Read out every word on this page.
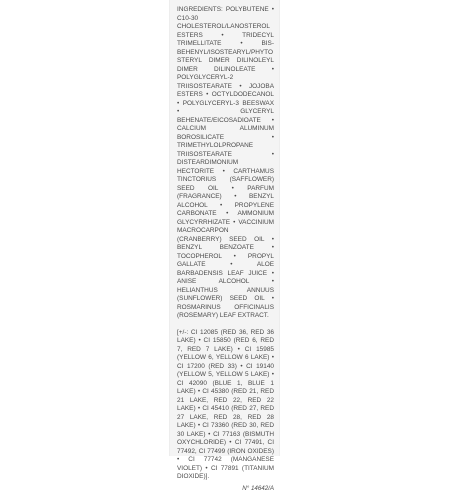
INGREDIENTS: POLYBUTENE • C10-30 CHOLESTEROL/LANOSTEROL ESTERS • TRIDECYL TRIMELLITATE • BIS-BEHENYL/ISOSTEARYL/PHYTOSTERYL DIMER DILINOLEYL DIMER DILINOLEATE • POLYGLYCERYL-2 TRIISOSTEARATE • JOJOBA ESTERS • OCTYLDODECANOL • POLYGLYCERYL-3 BEESWAX • GLYCERYL BEHENATE/EICOSADIOATE • CALCIUM ALUMINUM BOROSILICATE • TRIMETHYLOLPROPANE TRIISOSTEARATE • DISTEARDIMONIUM HECTORITE • CARTHAMUS TINCTORIUS (SAFFLOWER) SEED OIL • PARFUM (FRAGRANCE) • BENZYL ALCOHOL • PROPYLENE CARBONATE • AMMONIUM GLYCYRRHIZATE • VACCINIUM MACROCARPON (CRANBERRY) SEED OIL • BENZYL BENZOATE • TOCOPHEROL • PROPYL GALLATE • ALOE BARBADENSIS LEAF JUICE • ANISE ALCOHOL • HELIANTHUS ANNUUS (SUNFLOWER) SEED OIL • ROSMARINUS OFFICINALIS (ROSEMARY) LEAF EXTRACT.

[+/-: CI 12085 (RED 36, RED 36 LAKE) • CI 15850 (RED 6, RED 7, RED 7 LAKE) • CI 15985 (YELLOW 6, YELLOW 6 LAKE) • CI 17200 (RED 33) • CI 19140 (YELLOW 5, YELLOW 5 LAKE) • CI 42090 (BLUE 1, BLUE 1 LAKE) • CI 45380 (RED 21, RED 21 LAKE, RED 22, RED 22 LAKE) • CI 45410 (RED 27, RED 27 LAKE, RED 28, RED 28 LAKE) • CI 73360 (RED 30, RED 30 LAKE) • CI 77163 (BISMUTH OXYCHLORIDE) • CI 77491, CI 77492, CI 77499 (IRON OXIDES) • CI 77742 (MANGANESE VIOLET) • CI 77891 (TITANIUM DIOXIDE)].

N° 14642/A
